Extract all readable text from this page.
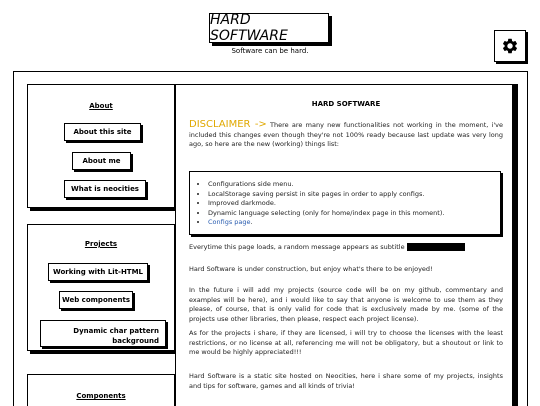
HARD SOFTWARE
Software can be hard.
About
About this site
About me
What is neocities
Projects
Working with Lit-HTML
Web components
Dynamic char pattern
background
Components
HARD SOFTWARE

DISCLAIMER -> There are many new functionalities not working in the moment, i've included this changes even though they're not 100% ready because last update was very long ago, so here are the new (working) things list:

• Configurations side menu.
• LocalStorage saving persist in site pages in order to apply configs.
• Improved darkmode.
• Dynamic language selecting (only for home/index page in this moment).
• Configs page.

Everytime this page loads, a random message appears as subtitle

Hard Software is under construction, but enjoy what's there to be enjoyed!

In the future i will add my projects (source code will be on my github, commentary and examples will be here), and i would like to say that anyone is welcome to use them as they please, of course, that is only valid for code that is exclusively made by me. (some of the projects use other libraries, then please, respect each project license).

As for the projects i share, if they are licensed, i will try to choose the licenses with the least restrictions, or no license at all, referencing me will not be obligatory, but a shoutout or link to me would be highly appreciated!!!

Hard Software is a static site hosted on Neocities, here i share some of my projects, insights and tips for software, games and all kinds of trivia!
